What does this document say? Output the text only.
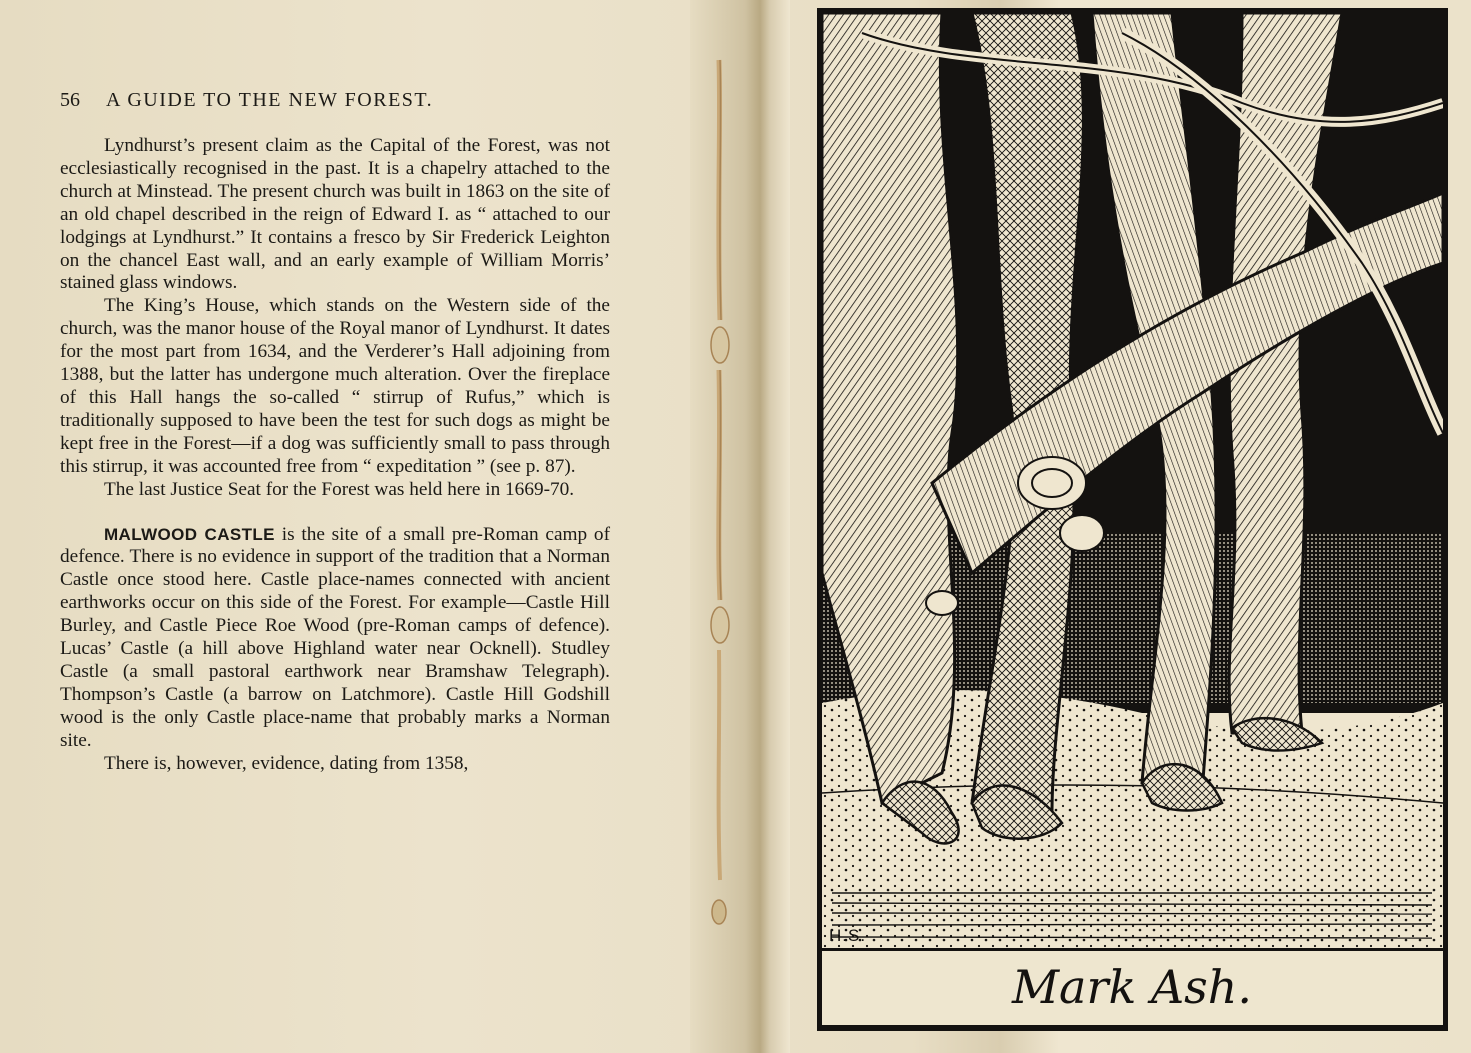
56 A GUIDE TO THE NEW FOREST.

Lyndhurst’s present claim as the Capital of the Forest, was not ecclesiastically recognised in the past. It is a chapelry attached to the church at Minstead. The present church was built in 1863 on the site of an old chapel described in the reign of Edward I. as “ attached to our lodgings at Lyndhurst.” It contains a fresco by Sir Frederick Leighton on the chancel East wall, and an early example of William Morris’ stained glass windows.

The King’s House, which stands on the Western side of the church, was the manor house of the Royal manor of Lyndhurst. It dates for the most part from 1634, and the Verderer’s Hall adjoining from 1388, but the latter has undergone much alteration. Over the fireplace of this Hall hangs the so-called “ stirrup of Rufus,” which is traditionally supposed to have been the test for such dogs as might be kept free in the Forest—if a dog was sufficiently small to pass through this stirrup, it was accounted free from “ expeditation ” (see p. 87).

The last Justice Seat for the Forest was held here in 1669-70.

MALWOOD CASTLE is the site of a small pre-Roman camp of defence. There is no evidence in support of the tradition that a Norman Castle once stood here. Castle place-names connected with ancient earthworks occur on this side of the Forest. For example—Castle Hill Burley, and Castle Piece Roe Wood (pre-Roman camps of defence). Lucas’ Castle (a hill above Highland water near Ocknell). Studley Castle (a small pastoral earthwork near Bramshaw Telegraph). Thompson’s Castle (a barrow on Latchmore). Castle Hill Godshill wood is the only Castle place-name that probably marks a Norman site.

There is, however, evidence, dating from 1358,

H.S.
Mark Ash.
